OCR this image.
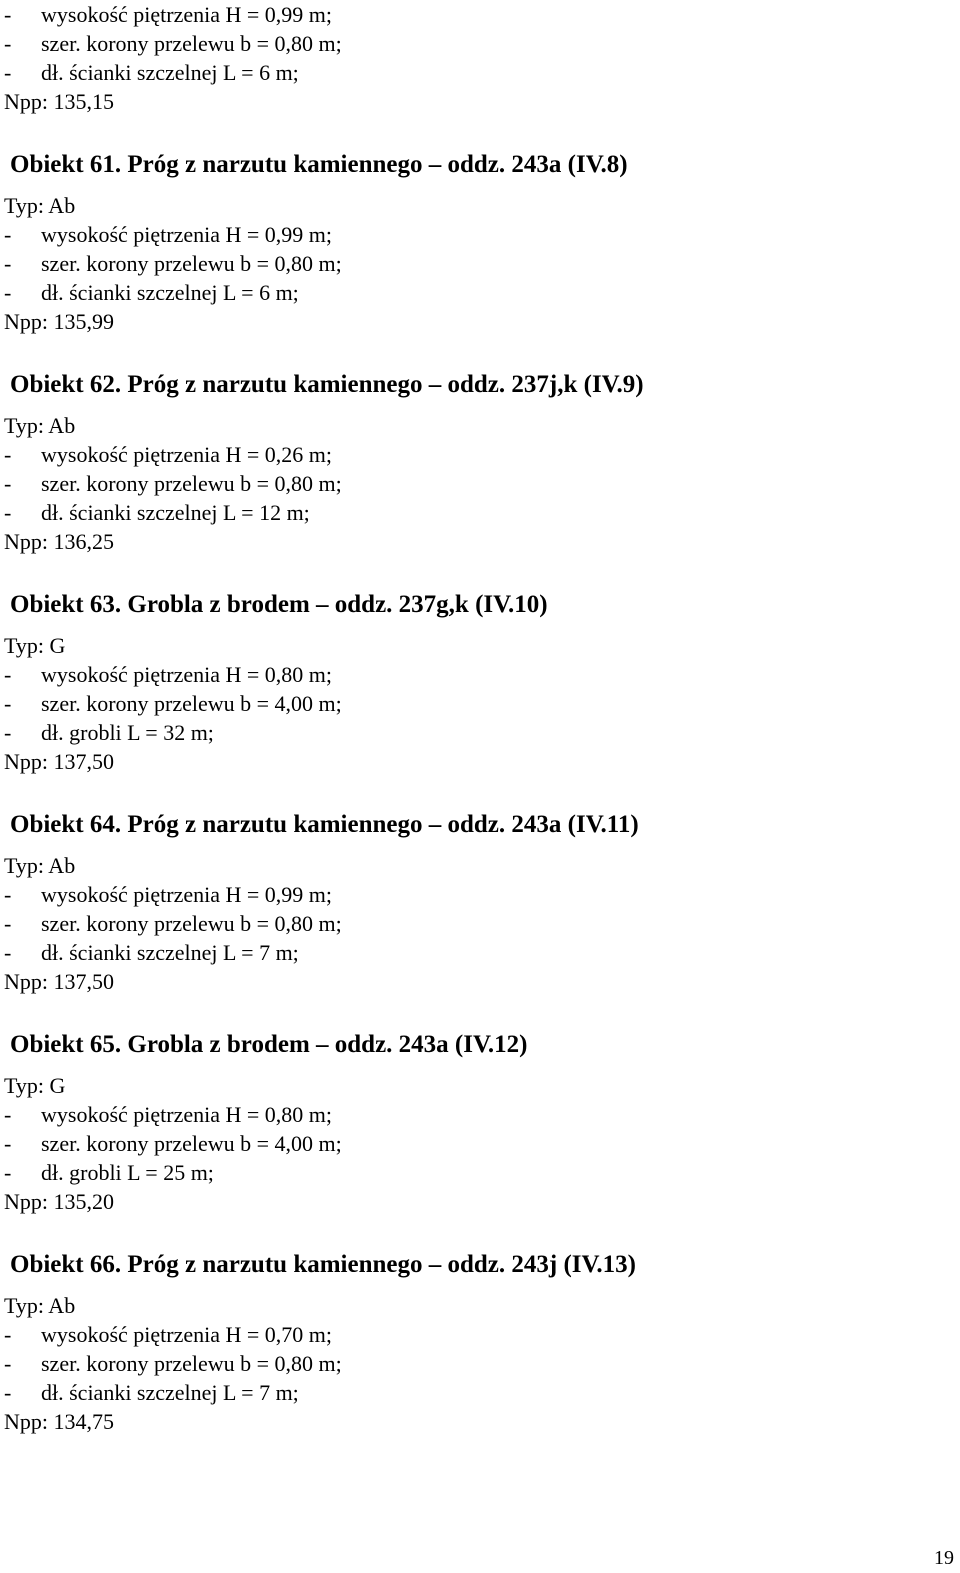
-	wysokość piętrzenia H = 0,99 m;
-	szer. korony przelewu b = 0,80 m;
-	dł. ścianki szczelnej L = 6 m;
Npp: 135,15
Obiekt 61. Próg z narzutu kamiennego – oddz. 243a (IV.8)
Typ: Ab
-	wysokość piętrzenia H = 0,99 m;
-	szer. korony przelewu b = 0,80 m;
-	dł. ścianki szczelnej L = 6 m;
Npp: 135,99
Obiekt 62. Próg z narzutu kamiennego – oddz. 237j,k (IV.9)
Typ: Ab
-	wysokość piętrzenia H = 0,26 m;
-	szer. korony przelewu b = 0,80 m;
-	dł. ścianki szczelnej L = 12 m;
Npp: 136,25
Obiekt 63. Grobla z brodem – oddz. 237g,k (IV.10)
Typ: G
-	wysokość piętrzenia H = 0,80 m;
-	szer. korony przelewu b = 4,00 m;
-	dł. grobli L = 32 m;
Npp: 137,50
Obiekt 64. Próg z narzutu kamiennego – oddz. 243a (IV.11)
Typ: Ab
-	wysokość piętrzenia H = 0,99 m;
-	szer. korony przelewu b = 0,80 m;
-	dł. ścianki szczelnej L = 7 m;
Npp: 137,50
Obiekt 65. Grobla z brodem – oddz. 243a (IV.12)
Typ: G
-	wysokość piętrzenia H = 0,80 m;
-	szer. korony przelewu b = 4,00 m;
-	dł. grobli L = 25 m;
Npp: 135,20
Obiekt 66. Próg z narzutu kamiennego – oddz. 243j (IV.13)
Typ: Ab
-	wysokość piętrzenia H = 0,70 m;
-	szer. korony przelewu b = 0,80 m;
-	dł. ścianki szczelnej L = 7 m;
Npp: 134,75
19
